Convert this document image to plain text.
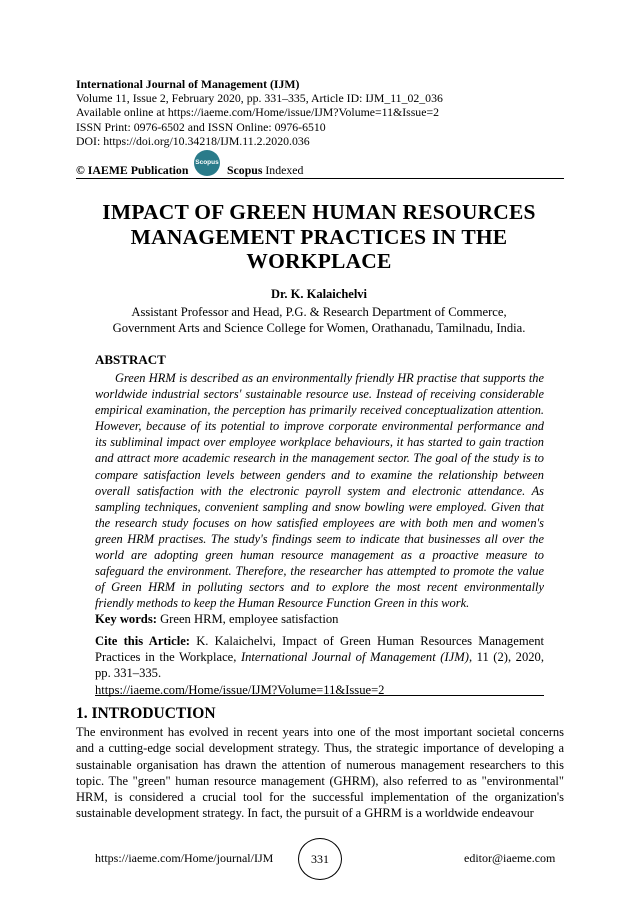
International Journal of Management (IJM)
Volume 11, Issue 2, February 2020, pp. 331–335, Article ID: IJM_11_02_036
Available online at https://iaeme.com/Home/issue/IJM?Volume=11&Issue=2
ISSN Print: 0976-6502 and ISSN Online: 0976-6510
DOI: https://doi.org/10.34218/IJM.11.2.2020.036
© IAEME Publication
Scopus
Scopus Indexed
IMPACT OF GREEN HUMAN RESOURCES MANAGEMENT PRACTICES IN THE WORKPLACE
Dr. K. Kalaichelvi
Assistant Professor and Head, P.G. & Research Department of Commerce,
Government Arts and Science College for Women, Orathanadu, Tamilnadu, India.
ABSTRACT

Green HRM is described as an environmentally friendly HR practise that supports the worldwide industrial sectors' sustainable resource use. Instead of receiving considerable empirical examination, the perception has primarily received conceptualization attention. However, because of its potential to improve corporate environmental performance and its subliminal impact over employee workplace behaviours, it has started to gain traction and attract more academic research in the management sector. The goal of the study is to compare satisfaction levels between genders and to examine the relationship between overall satisfaction with the electronic payroll system and electronic attendance. As sampling techniques, convenient sampling and snow bowling were employed. Given that the research study focuses on how satisfied employees are with both men and women's green HRM practises. The study's findings seem to indicate that businesses all over the world are adopting green human resource management as a proactive measure to safeguard the environment. Therefore, the researcher has attempted to promote the value of Green HRM in polluting sectors and to explore the most recent environmentally friendly methods to keep the Human Resource Function Green in this work.

Key words: Green HRM, employee satisfaction
Cite this Article: K. Kalaichelvi, Impact of Green Human Resources Management Practices in the Workplace, International Journal of Management (IJM), 11 (2), 2020, pp. 331–335.
https://iaeme.com/Home/issue/IJM?Volume=11&Issue=2
1. INTRODUCTION

The environment has evolved in recent years into one of the most important societal concerns and a cutting-edge social development strategy. Thus, the strategic importance of developing a sustainable organisation has drawn the attention of numerous management researchers to this topic. The "green" human resource management (GHRM), also referred to as "environmental" HRM, is considered a crucial tool for the successful implementation of the organization's sustainable development strategy. In fact, the pursuit of a GHRM is a worldwide endeavour

https://iaeme.com/Home/journal/IJM	331	editor@iaeme.com
